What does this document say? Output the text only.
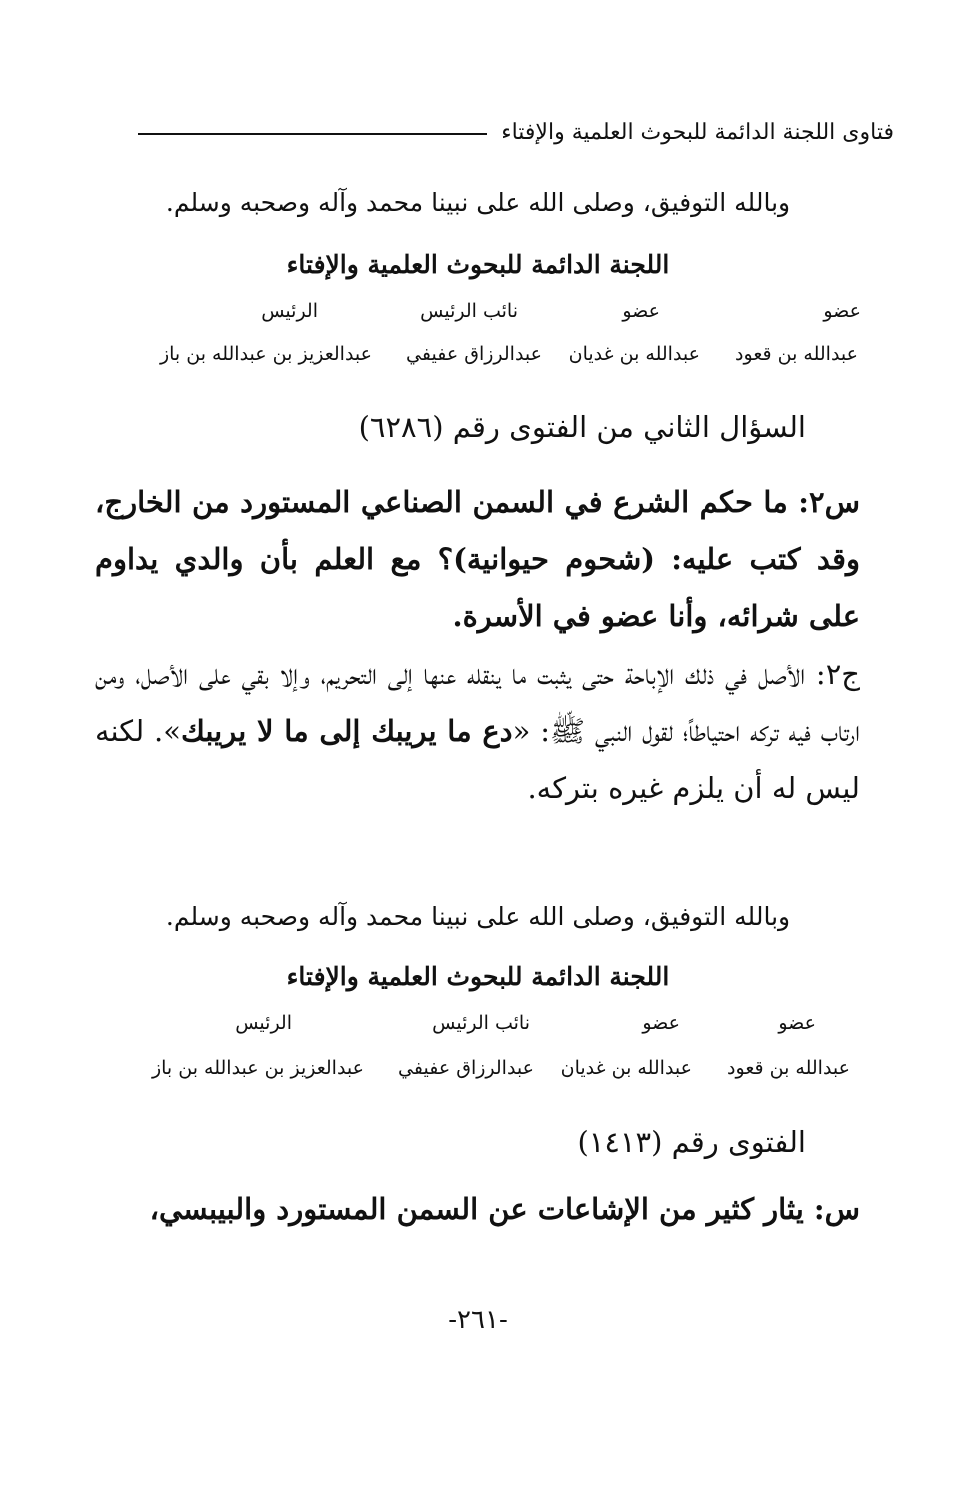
فتاوى اللجنة الدائمة للبحوث العلمية والإفتاء
وبالله التوفيق، وصلى الله على نبينا محمد وآله وصحبه وسلم.
اللجنة الدائمة للبحوث العلمية والإفتاء
عضو
عضو
نائب الرئيس
الرئيس
عبدالله بن قعود
عبدالله بن غديان
عبدالرزاق عفيفي
عبدالعزيز بن عبدالله بن باز
السؤال الثاني من الفتوى رقم (٦٢٨٦)
س٢: ما حكم الشرع في السمن الصناعي المستورد من الخارج، وقد كتب عليه: (شحوم حيوانية)؟ مع العلم بأن والدي يداوم على شرائه، وأنا عضو في الأسرة.
ج٢: الأصل في ذلك الإباحة حتى يثبت ما ينقله عنها إلى التحريم، وإلا بقي على الأصل، ومن ارتاب فيه تركه احتياطاً؛ لقول النبي ﷺ: «دع ما يريبك إلى ما لا يريبك». لكنه ليس له أن يلزم غيره بتركه.
وبالله التوفيق، وصلى الله على نبينا محمد وآله وصحبه وسلم.
اللجنة الدائمة للبحوث العلمية والإفتاء
عضو
عضو
نائب الرئيس
الرئيس
عبدالله بن قعود
عبدالله بن غديان
عبدالرزاق عفيفي
عبدالعزيز بن عبدالله بن باز
الفتوى رقم (١٤١٣)
س: يثار كثير من الإشاعات عن السمن المستورد والبيبسي،
-٢٦١-
